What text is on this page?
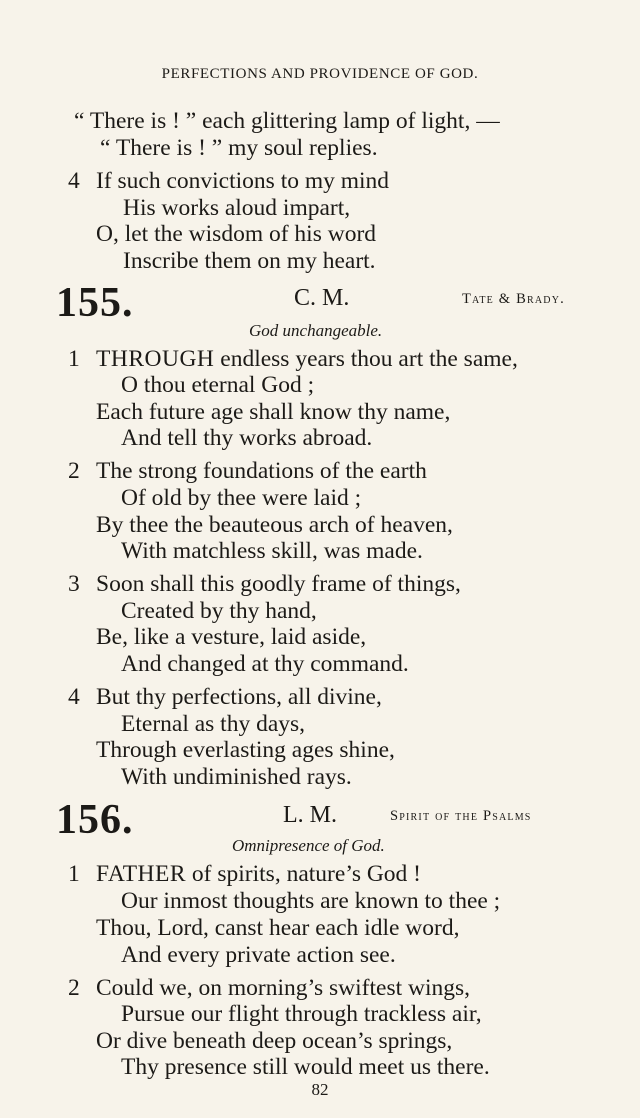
PERFECTIONS AND PROVIDENCE OF GOD.
“ There is ! ” each glittering lamp of light, —
“ There is ! ” my soul replies.
4 If such convictions to my mind
His works aloud impart,
O, let the wisdom of his word
Inscribe them on my heart.
155.	C. M.	Tate & Brady.
God unchangeable.
1 THROUGH endless years thou art the same,
O thou eternal God ;
Each future age shall know thy name,
And tell thy works abroad.
2 The strong foundations of the earth
Of old by thee were laid ;
By thee the beauteous arch of heaven,
With matchless skill, was made.
3 Soon shall this goodly frame of things,
Created by thy hand,
Be, like a vesture, laid aside,
And changed at thy command.
4 But thy perfections, all divine,
Eternal as thy days,
Through everlasting ages shine,
With undiminished rays.
156.	L. M.	Spirit of the Psalms
Omnipresence of God.
1 FATHER of spirits, nature’s God !
Our inmost thoughts are known to thee ;
Thou, Lord, canst hear each idle word,
And every private action see.
2 Could we, on morning’s swiftest wings,
Pursue our flight through trackless air,
Or dive beneath deep ocean’s springs,
Thy presence still would meet us there.
82
